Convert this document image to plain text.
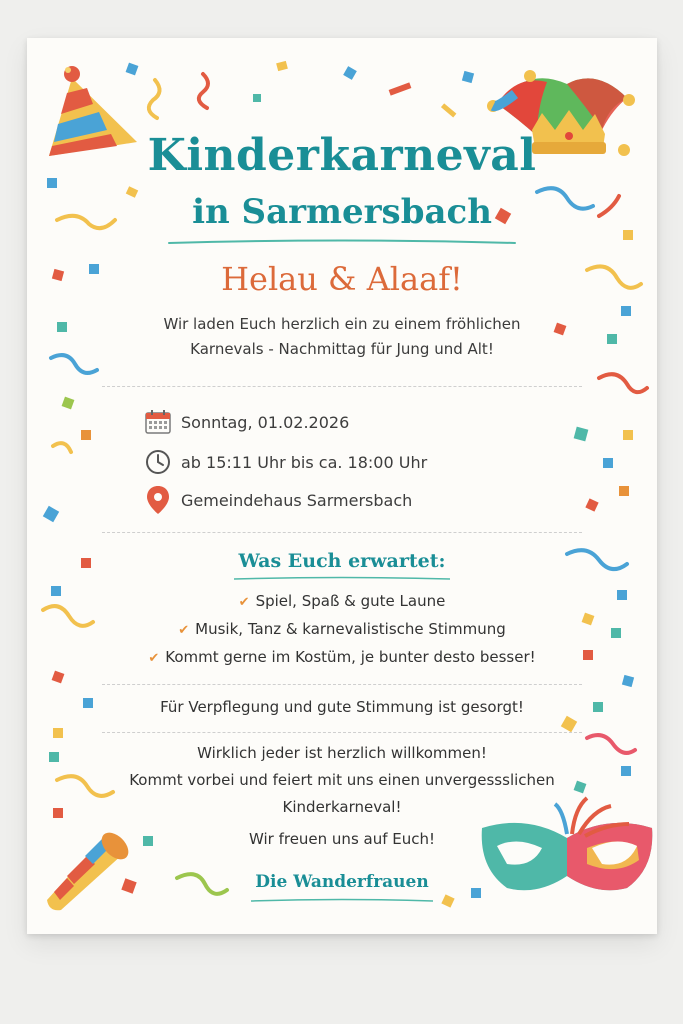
Kinderkarneval
in Sarmersbach
Helau & Alaaf!
Wir laden Euch herzlich ein zu einem fröhlichen
Karnevals - Nachmittag für Jung und Alt!
Sonntag, 01.02.2026
ab 15:11 Uhr bis ca. 18:00 Uhr
Gemeindehaus Sarmersbach
Was Euch erwartet:
✔ Spiel, Spaß & gute Laune
✔ Musik, Tanz & karnevalistische Stimmung
✔ Kommt gerne im Kostüm, je bunter desto besser!
Für Verpflegung und gute Stimmung ist gesorgt!
Wirklich jeder ist herzlich willkommen!
Kommt vorbei und feiert mit uns einen unvergessslichen
Kinderkarneval!
Wir freuen uns auf Euch!
Die Wanderfrauen
